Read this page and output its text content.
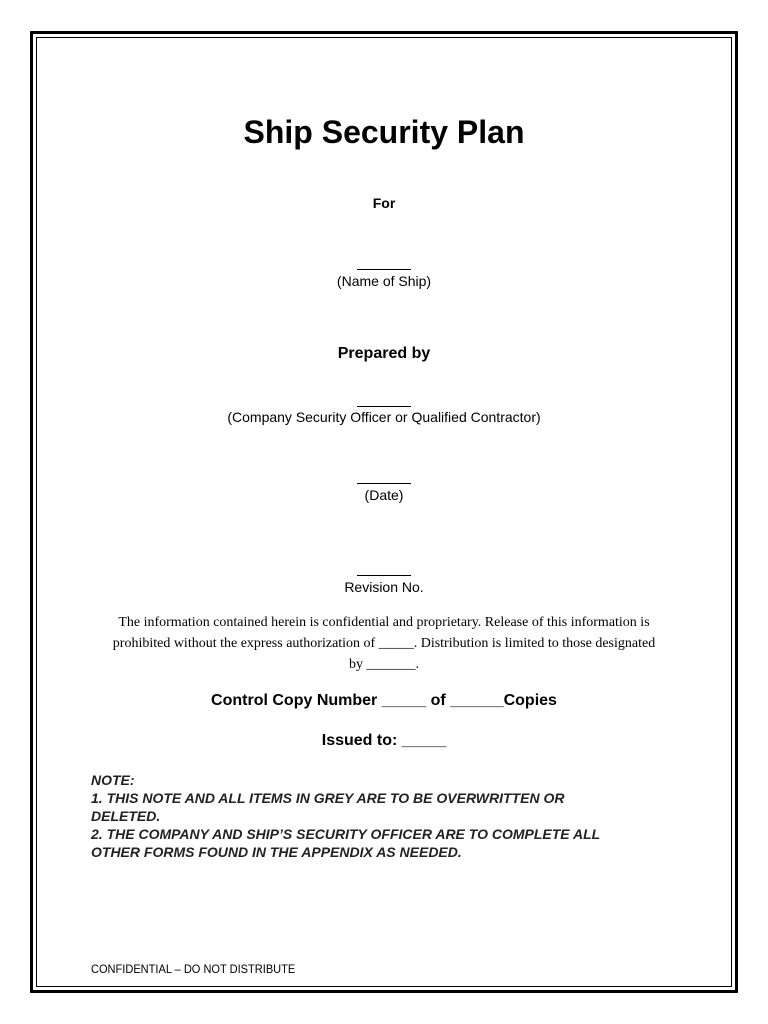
Ship Security Plan
For
(Name of Ship)
Prepared by
(Company Security Officer or Qualified Contractor)
(Date)
Revision No.
The information contained herein is confidential and proprietary. Release of this information is
prohibited without the express authorization of _____. Distribution is limited to those designated
by _______.
Control Copy Number _____ of ______Copies
Issued to: _____
NOTE:
1. THIS NOTE AND ALL ITEMS IN GREY ARE TO BE OVERWRITTEN OR
DELETED.
2. THE COMPANY AND SHIP’S SECURITY OFFICER ARE TO COMPLETE ALL
OTHER FORMS FOUND IN THE APPENDIX AS NEEDED.
CONFIDENTIAL – DO NOT DISTRIBUTE
